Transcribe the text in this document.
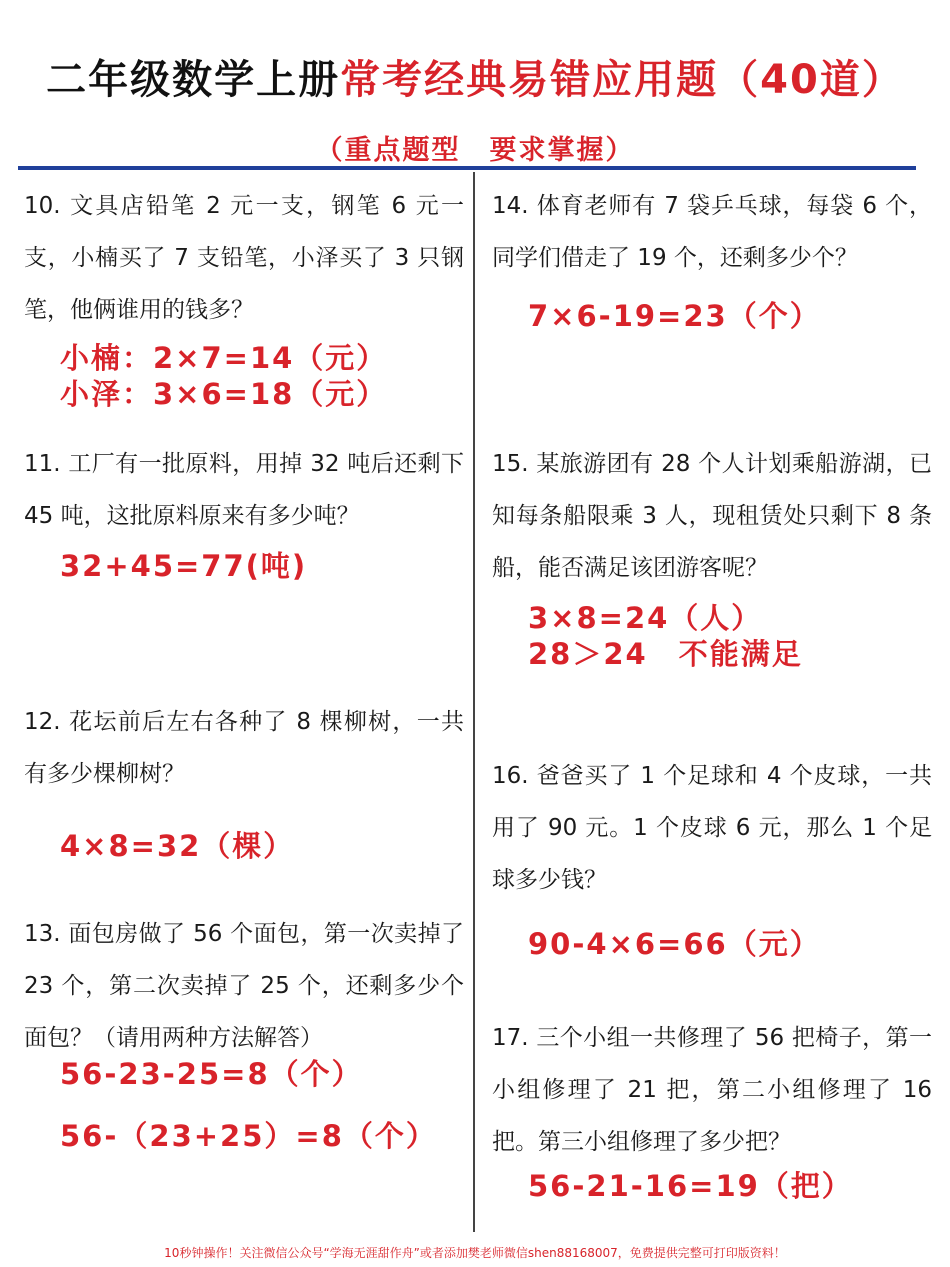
二年级数学上册常考经典易错应用题（40道）
（重点题型　要求掌握）

10. 文具店铅笔 2 元一支，钢笔 6 元一支，小楠买了 7 支铅笔，小泽买了 3 只钢笔，他俩谁用的钱多？

小楠：2×7=14（元）
小泽：3×6=18（元）

11. 工厂有一批原料，用掉 32 吨后还剩下 45 吨，这批原料原来有多少吨？

32+45=77(吨)

12. 花坛前后左右各种了 8 棵柳树，一共有多少棵柳树？

4×8=32（棵）

13. 面包房做了 56 个面包，第一次卖掉了 23 个，第二次卖掉了 25 个，还剩多少个面包？（请用两种方法解答）

56-23-25=8（个）
56-（23+25）=8（个）

14. 体育老师有 7 袋乒乓球，每袋 6 个，同学们借走了 19 个，还剩多少个？

7×6-19=23（个）

15. 某旅游团有 28 个人计划乘船游湖，已知每条船限乘 3 人，现租赁处只剩下 8 条船，能否满足该团游客呢？

3×8=24（人）
28＞24　不能满足

16. 爸爸买了 1 个足球和 4 个皮球，一共用了 90 元。1 个皮球 6 元，那么 1 个足球多少钱？

90-4×6=66（元）

17. 三个小组一共修理了 56 把椅子，第一小组修理了 21 把，第二小组修理了 16把。第三小组修理了多少把？

56-21-16=19（把）
10秒钟操作！关注微信公众号“学海无涯甜作舟”或者添加樊老师微信shen88168007，免费提供完整可打印版资料！
